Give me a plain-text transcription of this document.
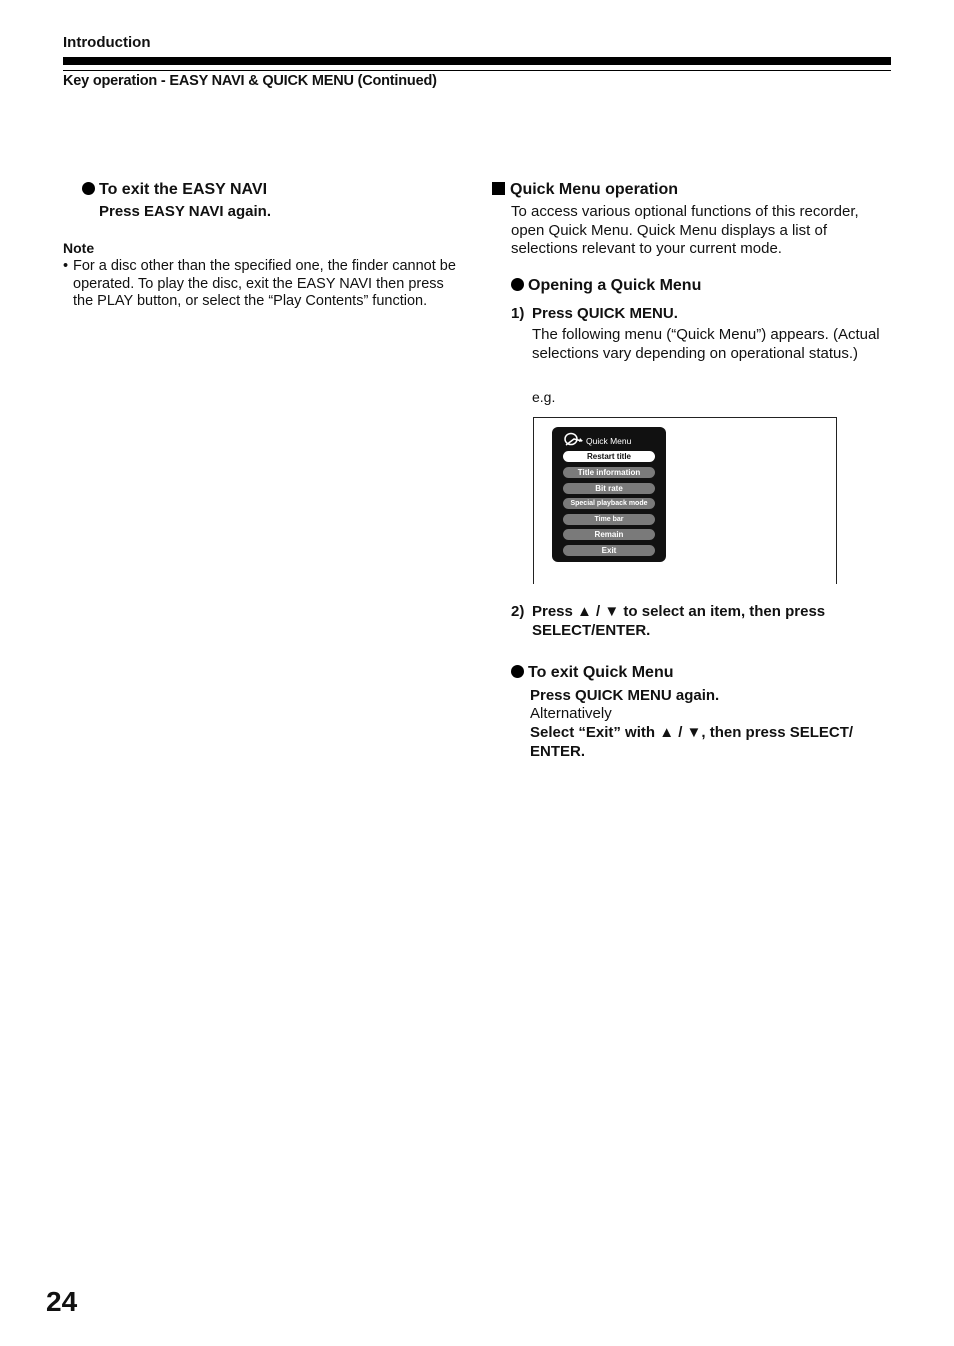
Introduction
Key operation - EASY NAVI & QUICK MENU (Continued)
To exit the EASY NAVI
Press EASY NAVI again.
Note
• For a disc other than the specified one, the finder cannot be operated. To play the disc, exit the EASY NAVI then press the PLAY button, or select the “Play Contents” function.
Quick Menu operation
To access various optional functions of this recorder, open Quick Menu. Quick Menu displays a list of selections relevant to your current mode.
Opening a Quick Menu
1) Press QUICK MENU.
The following menu (“Quick Menu”) appears. (Actual selections vary depending on operational status.)
e.g.
Quick Menu
Restart title
Title information
Bit rate
Special playback mode
Time bar
Remain
Exit
2) Press ▲ / ▼ to select an item, then press SELECT/ENTER.
To exit Quick Menu
Press QUICK MENU again.
Alternatively
Select “Exit” with ▲ / ▼, then press SELECT/ ENTER.
24
